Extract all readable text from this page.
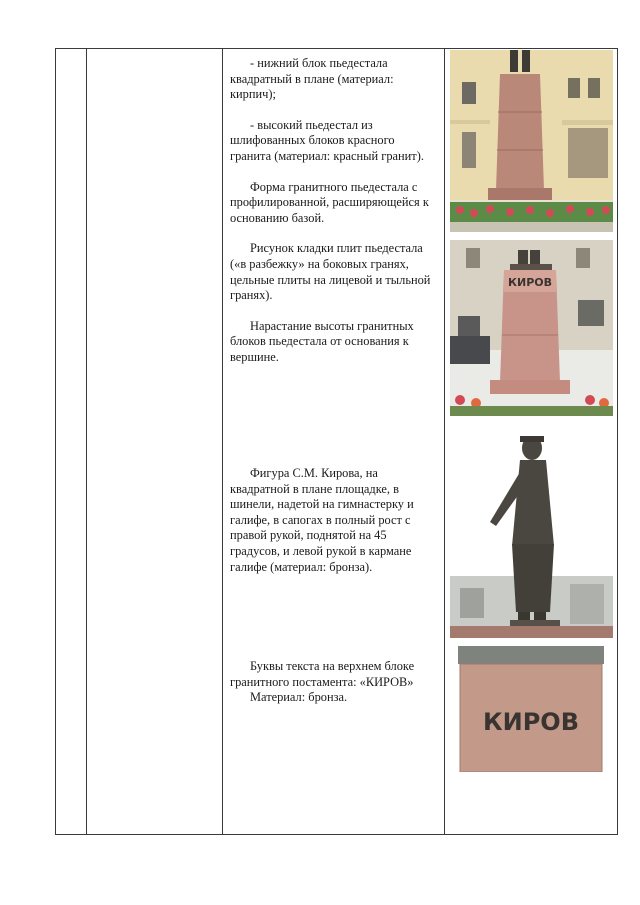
- нижний блок пьедестала квадратный в плане (материал: кирпич);

- высокий пьедестал из шлифованных блоков красного гранита (материал: красный гранит).

Форма гранитного пьедестала с профилированной, расширяющейся к основанию базой.

Рисунок кладки плит пьедестала («в разбежку» на боковых гранях, цельные плиты на лицевой и тыльной гранях).

Нарастание высоты гранитных блоков пьедестала от основания к вершине.

Фигура С.М. Кирова, на квадратной в плане площадке, в шинели, надетой на гимнастерку и галифе, в сапогах в полный рост с правой рукой, поднятой на 45 градусов, и левой рукой в кармане галифе (материал: бронза).

Буквы текста на верхнем блоке гранитного постамента: «КИРОВ»

Материал: бронза.

КИРОВ
КИРОВ
